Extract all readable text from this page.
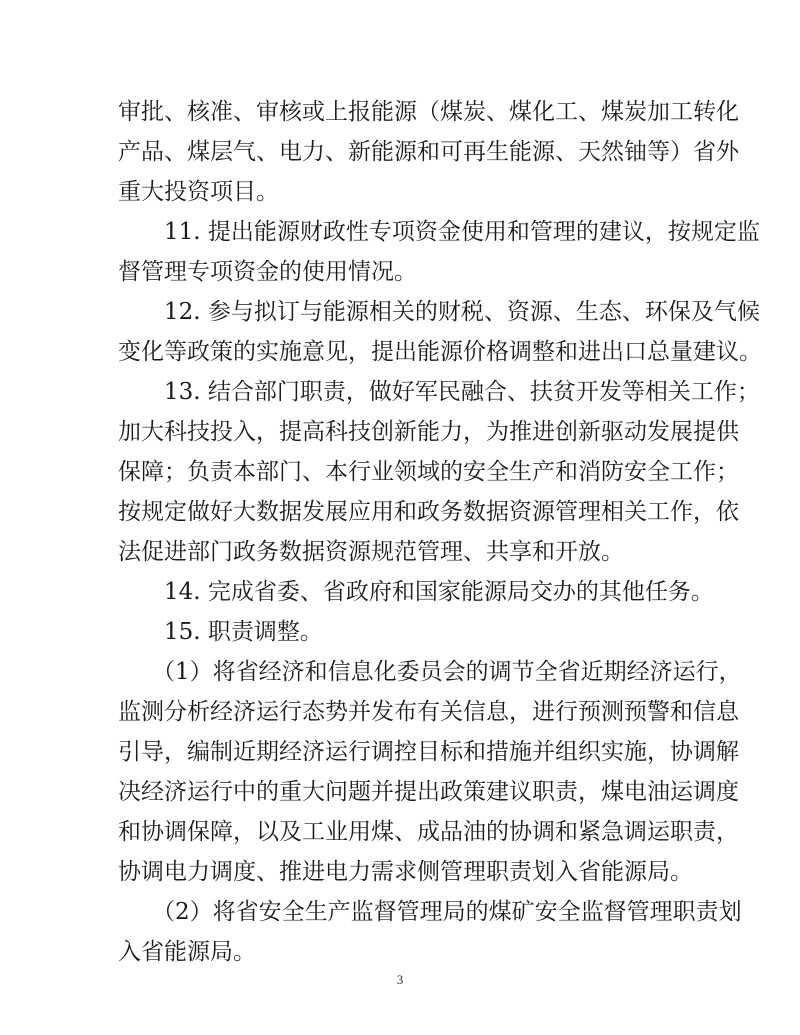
审批、核准、审核或上报能源（煤炭、煤化工、煤炭加工转化
产品、煤层气、电力、新能源和可再生能源、天然铀等）省外
重大投资项目。
11. 提出能源财政性专项资金使用和管理的建议，按规定监
督管理专项资金的使用情况。
12. 参与拟订与能源相关的财税、资源、生态、环保及气候
变化等政策的实施意见，提出能源价格调整和进出口总量建议。
13. 结合部门职责，做好军民融合、扶贫开发等相关工作；
加大科技投入，提高科技创新能力，为推进创新驱动发展提供
保障；负责本部门、本行业领域的安全生产和消防安全工作；
按规定做好大数据发展应用和政务数据资源管理相关工作，依
法促进部门政务数据资源规范管理、共享和开放。
14. 完成省委、省政府和国家能源局交办的其他任务。
15. 职责调整。
（1）将省经济和信息化委员会的调节全省近期经济运行，
监测分析经济运行态势并发布有关信息，进行预测预警和信息
引导，编制近期经济运行调控目标和措施并组织实施，协调解
决经济运行中的重大问题并提出政策建议职责，煤电油运调度
和协调保障，以及工业用煤、成品油的协调和紧急调运职责，
协调电力调度、推进电力需求侧管理职责划入省能源局。
（2）将省安全生产监督管理局的煤矿安全监督管理职责划
入省能源局。
3
